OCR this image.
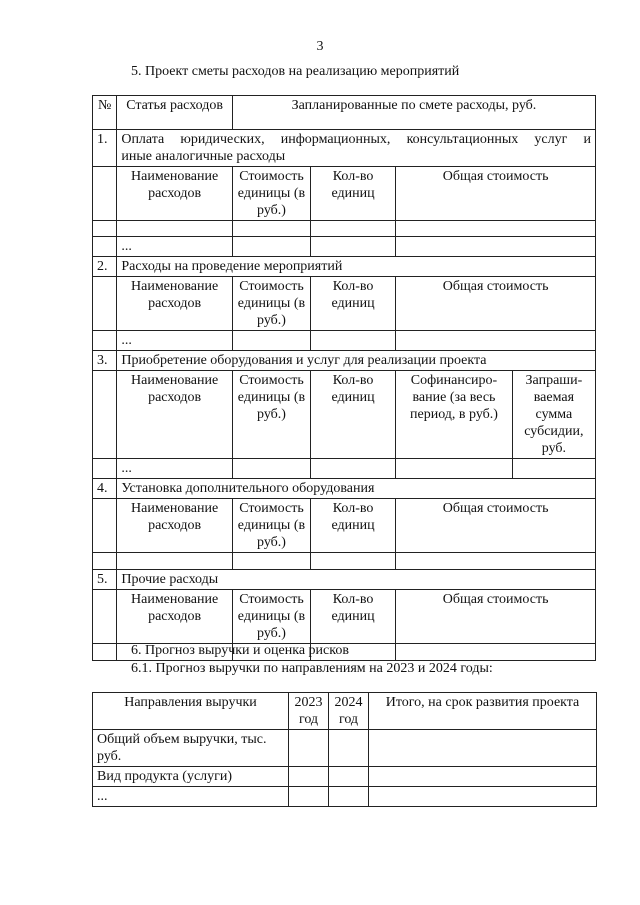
3
5. Проект сметы расходов на реализацию мероприятий
№	Статья расходов	Запланированные по смете расходы, руб.			
1.	Оплата юридических, информационных, консультационных услуг и
иные аналогичные расходы				

	Наименование расходов	Стоимость единицы (в руб.)	Кол-во единиц	Общая стоимость	

	...				
2.	Расходы на проведение мероприятий				
	Наименование расходов	Стоимость единицы (в руб.)	Кол-во единиц	Общая стоимость	
	...				
3.	Приобретение оборудования и услуг для реализации проекта				
	Наименование расходов	Стоимость единицы (в руб.)	Кол-во единиц	Софинансиро-вание (за весь период, в руб.)	Запраши-ваемая сумма субсидии, руб.
	...				
4.	Установка дополнительного оборудования				
	Наименование расходов	Стоимость единицы (в руб.)	Кол-во единиц	Общая стоимость	

5.	Прочие расходы				
	Наименование расходов	Стоимость единицы (в руб.)	Кол-во единиц	Общая стоимость	

6. Прогноз выручки и оценка рисков
6.1. Прогноз выручки по направлениям на 2023 и 2024 годы:
Направления выручки	2023 год	2024 год	Итого, на срок развития проекта
Общий объем выручки, тыс. руб.			
Вид продукта (услуги)			
...			
